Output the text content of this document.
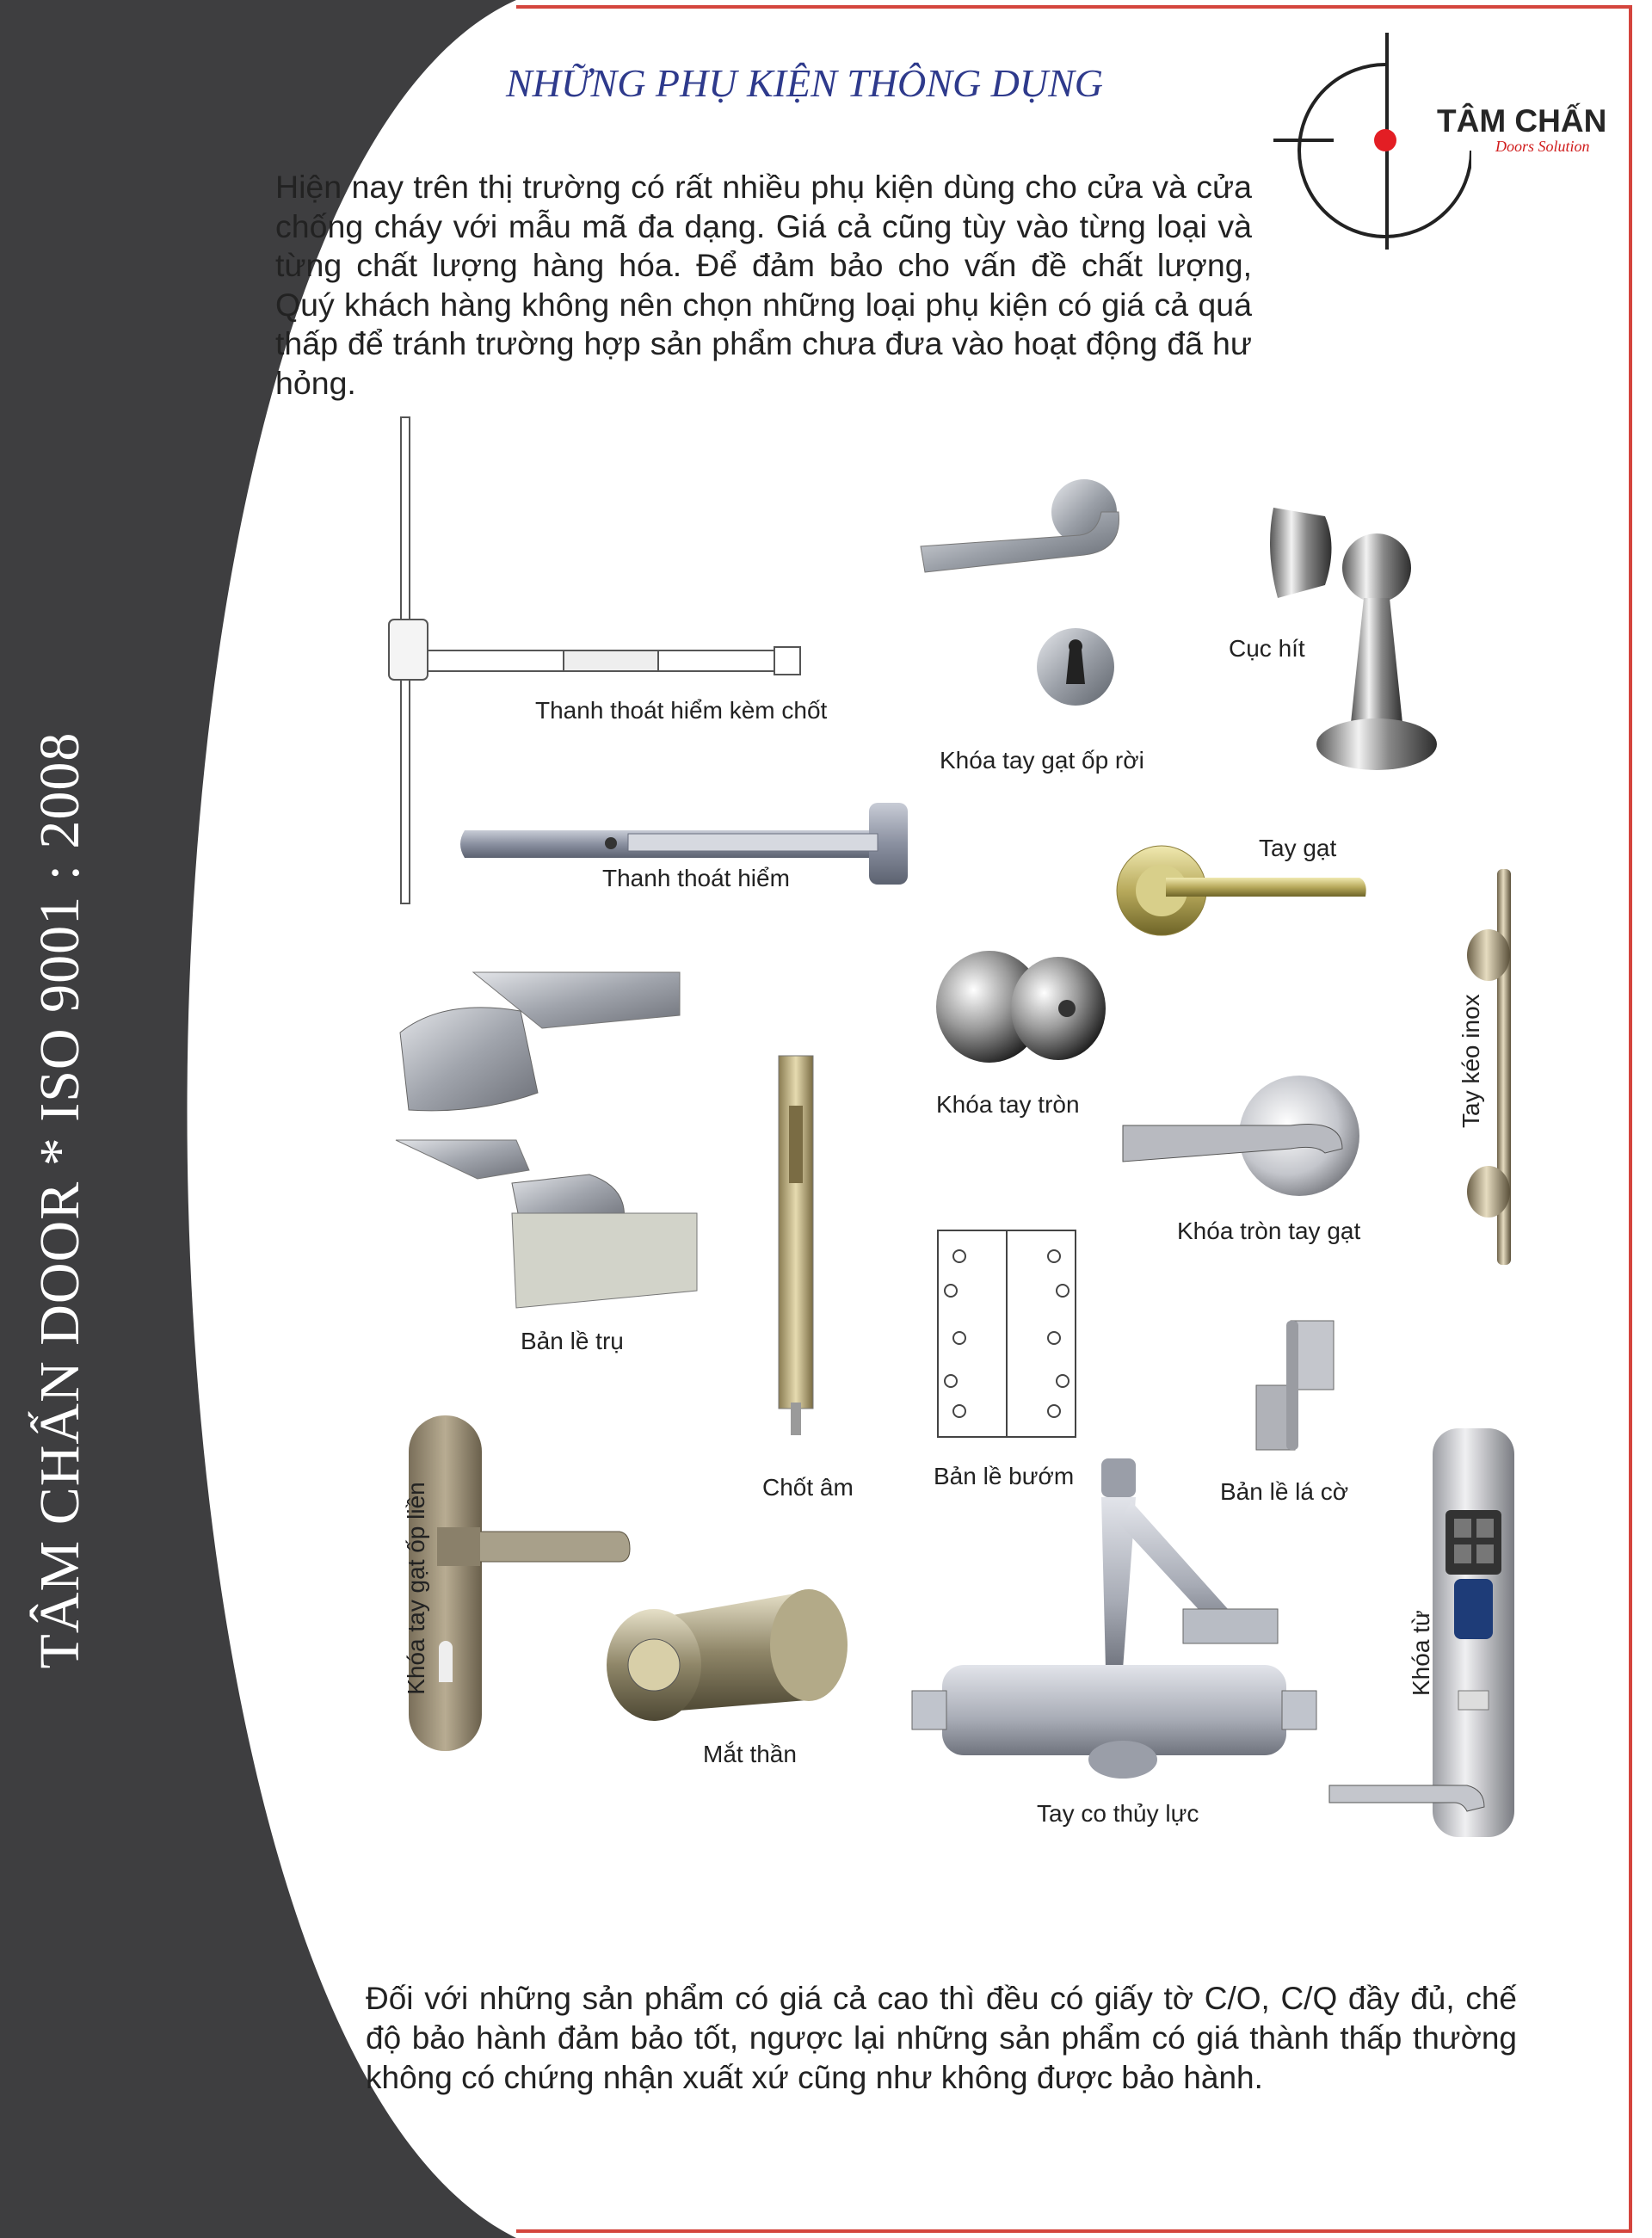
TÂM CHẤN DOOR * ISO 9001 : 2008
NHỮNG PHỤ KIỆN THÔNG DỤNG
TÂM CHẤN
Doors Solution
Hiện nay trên thị trường có rất nhiều phụ kiện dùng cho cửa và cửa chống cháy với mẫu mã đa dạng. Giá cả cũng tùy vào từng loại và từng chất lượng hàng hóa. Để đảm bảo cho vấn đề chất lượng, Quý khách hàng không nên chọn những loại phụ kiện có giá cả quá thấp để tránh trường hợp sản phẩm chưa đưa vào hoạt động đã hư hỏng.
Thanh thoát hiểm kèm chốt
Thanh thoát hiểm
Khóa tay gạt ốp rời
Cục hít
Tay gạt
Tay kéo inox
Khóa tay tròn
Khóa tròn tay gạt
Bản lề trụ
Chốt âm	Bản lề bướm
Bản lề lá cờ
Khóa tay gạt ốp liền
Mắt thần
Tay co thủy lực
Khóa từ
Đối với những sản phẩm có giá cả cao thì đều có giấy tờ C/O, C/Q đầy đủ, chế độ bảo hành đảm bảo tốt, ngược lại những sản phẩm có giá thành thấp thường không có chứng nhận xuất xứ cũng như không được bảo hành.
